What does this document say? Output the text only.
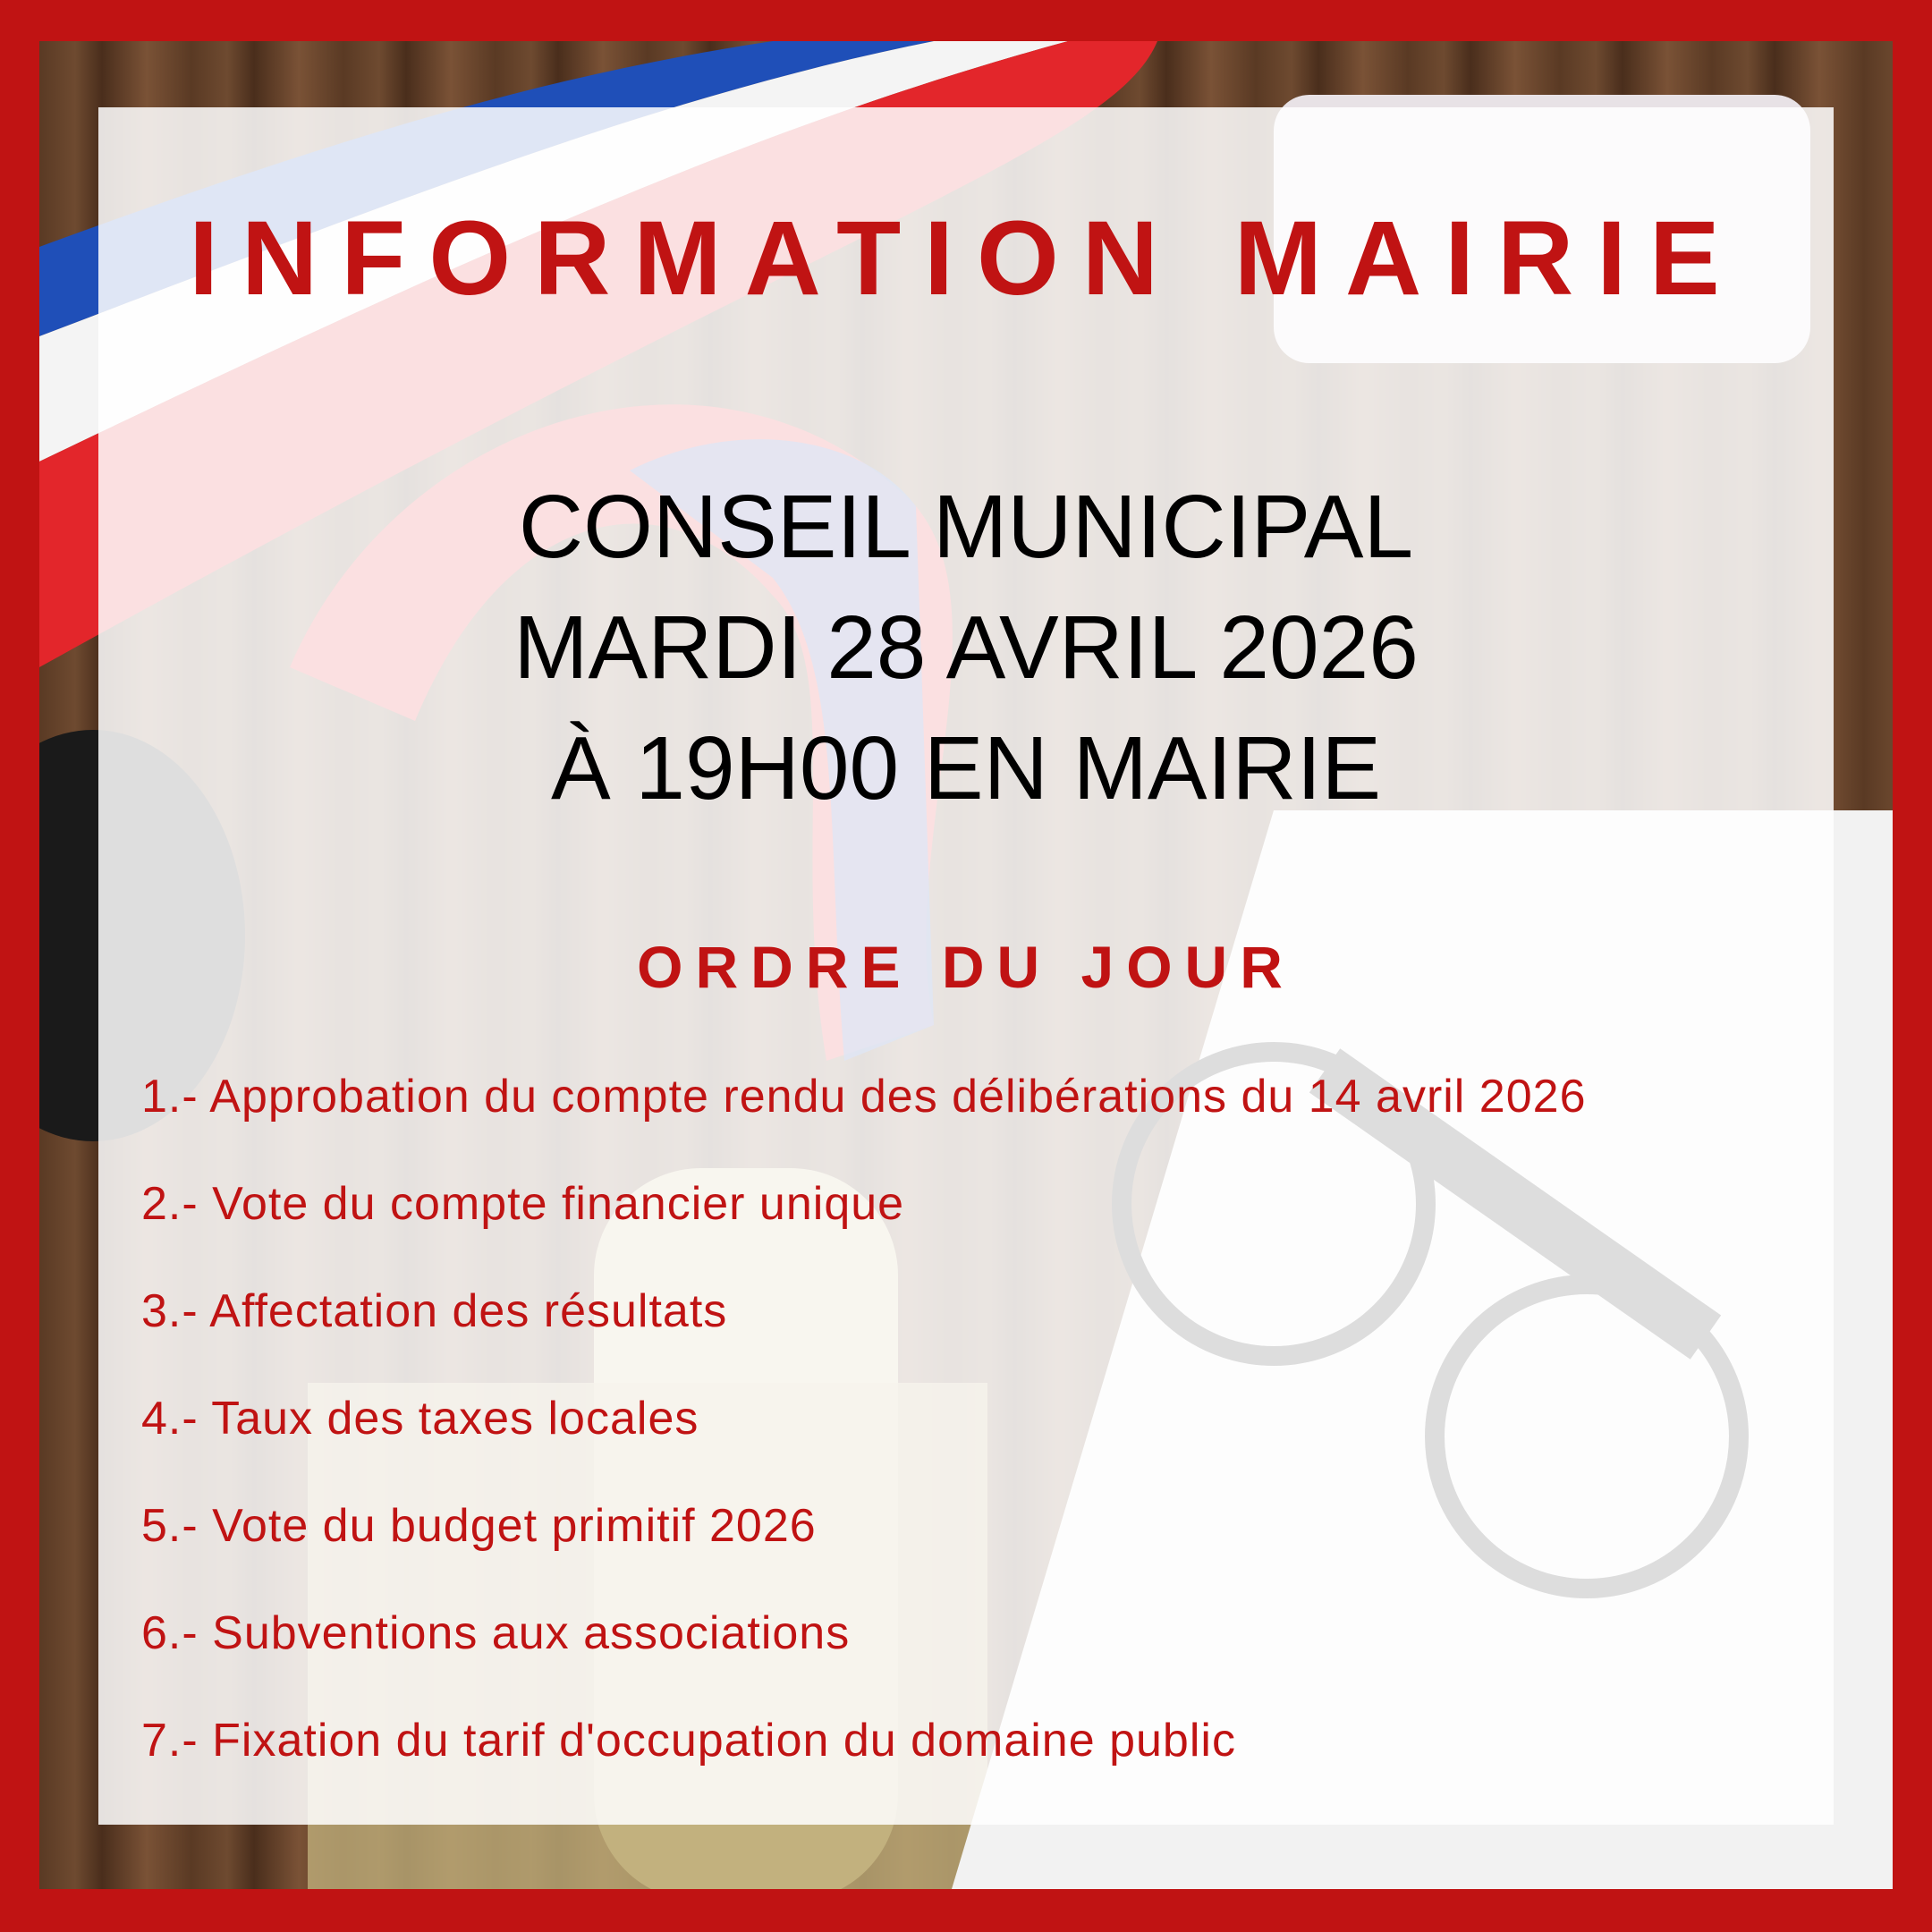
INFORMATION MAIRIE
CONSEIL MUNICIPAL
MARDI 28 AVRIL 2026
À 19H00 EN MAIRIE
ORDRE DU JOUR
1.- Approbation du compte rendu des délibérations du 14 avril 2026
2.- Vote du compte financier unique
3.- Affectation des résultats
4.- Taux des taxes locales
5.- Vote du budget primitif 2026
6.- Subventions aux associations
7.- Fixation du tarif d'occupation du domaine public
